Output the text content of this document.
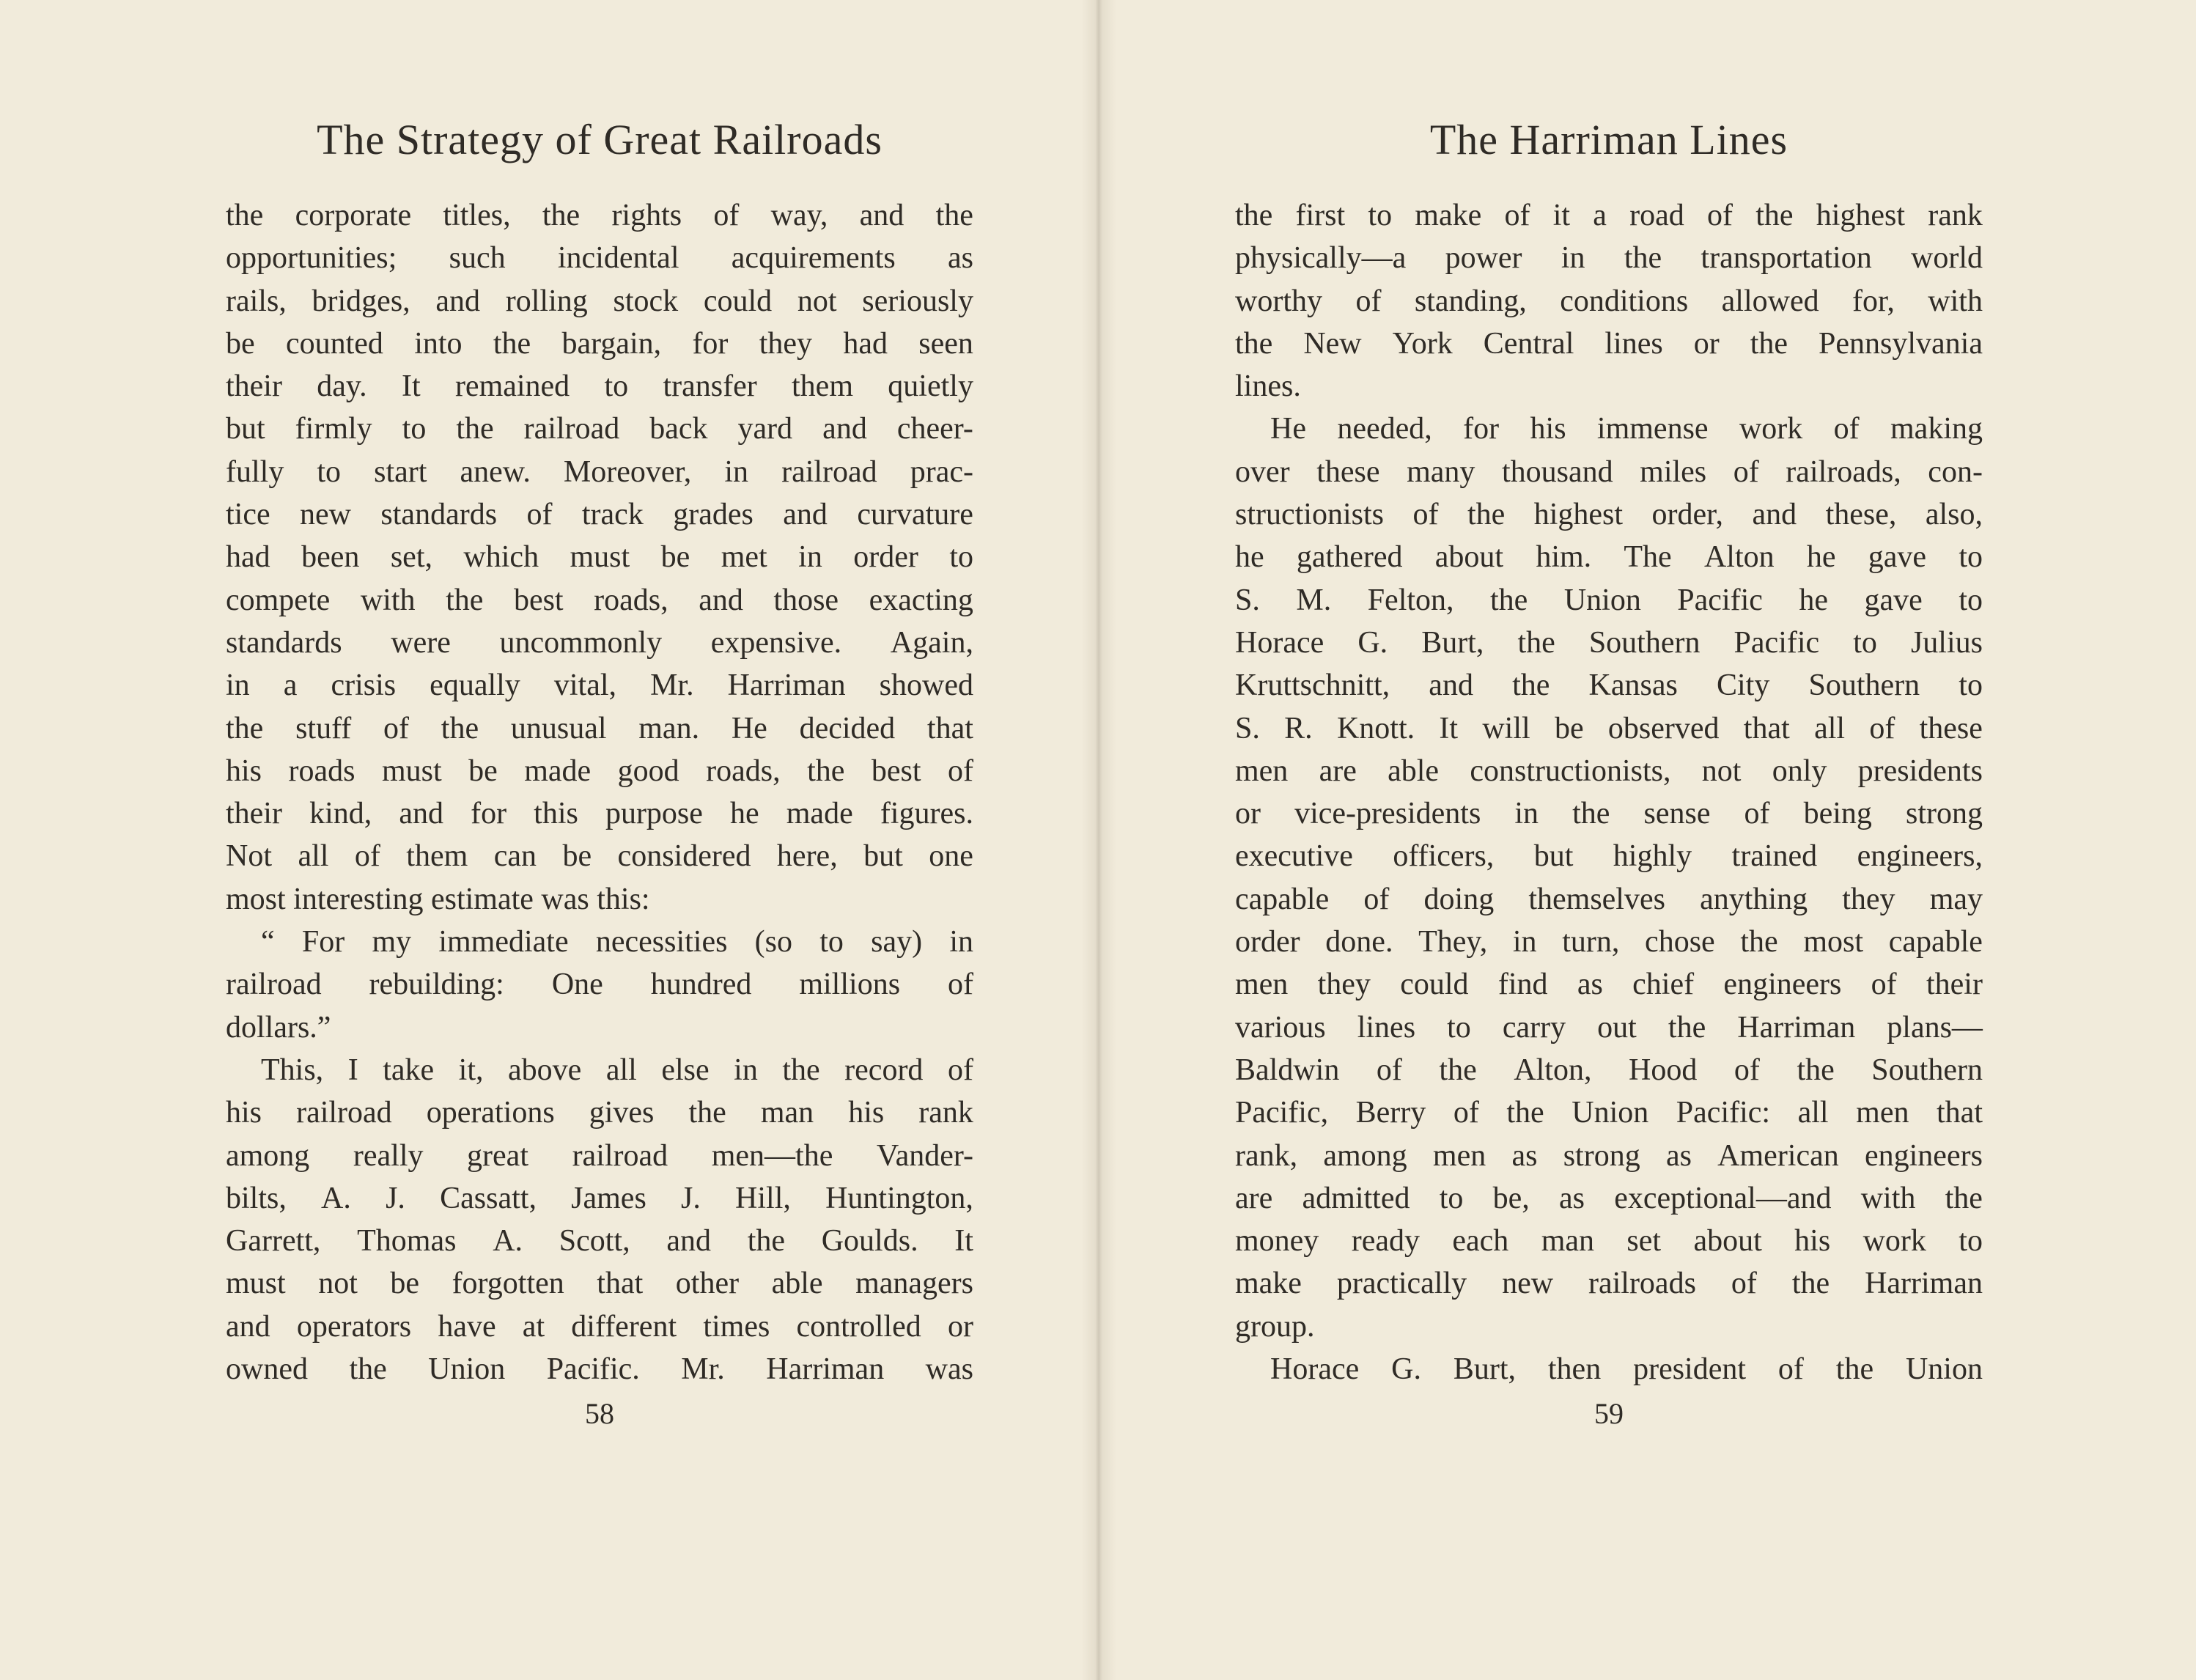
The Strategy of Great Railroads
the corporate titles, the rights of way, and the
opportunities; such incidental acquirements as
rails, bridges, and rolling stock could not seriously
be counted into the bargain, for they had seen
their day. It remained to transfer them quietly
but firmly to the railroad back yard and cheer-
fully to start anew. Moreover, in railroad prac-
tice new standards of track grades and curvature
had been set, which must be met in order to
compete with the best roads, and those exacting
standards were uncommonly expensive. Again,
in a crisis equally vital, Mr. Harriman showed
the stuff of the unusual man. He decided that
his roads must be made good roads, the best of
their kind, and for this purpose he made figures.
Not all of them can be considered here, but one
most interesting estimate was this:
“ For my immediate necessities (so to say) in
railroad rebuilding: One hundred millions of
dollars.”
This, I take it, above all else in the record of
his railroad operations gives the man his rank
among really great railroad men—the Vander-
bilts, A. J. Cassatt, James J. Hill, Huntington,
Garrett, Thomas A. Scott, and the Goulds. It
must not be forgotten that other able managers
and operators have at different times controlled or
owned the Union Pacific. Mr. Harriman was
58
The Harriman Lines
the first to make of it a road of the highest rank
physically—a power in the transportation world
worthy of standing, conditions allowed for, with
the New York Central lines or the Pennsylvania
lines.
He needed, for his immense work of making
over these many thousand miles of railroads, con-
structionists of the highest order, and these, also,
he gathered about him. The Alton he gave to
S. M. Felton, the Union Pacific he gave to
Horace G. Burt, the Southern Pacific to Julius
Kruttschnitt, and the Kansas City Southern to
S. R. Knott. It will be observed that all of these
men are able constructionists, not only presidents
or vice-presidents in the sense of being strong
executive officers, but highly trained engineers,
capable of doing themselves anything they may
order done. They, in turn, chose the most capable
men they could find as chief engineers of their
various lines to carry out the Harriman plans—
Baldwin of the Alton, Hood of the Southern
Pacific, Berry of the Union Pacific: all men that
rank, among men as strong as American engineers
are admitted to be, as exceptional—and with the
money ready each man set about his work to
make practically new railroads of the Harriman
group.
Horace G. Burt, then president of the Union
59
